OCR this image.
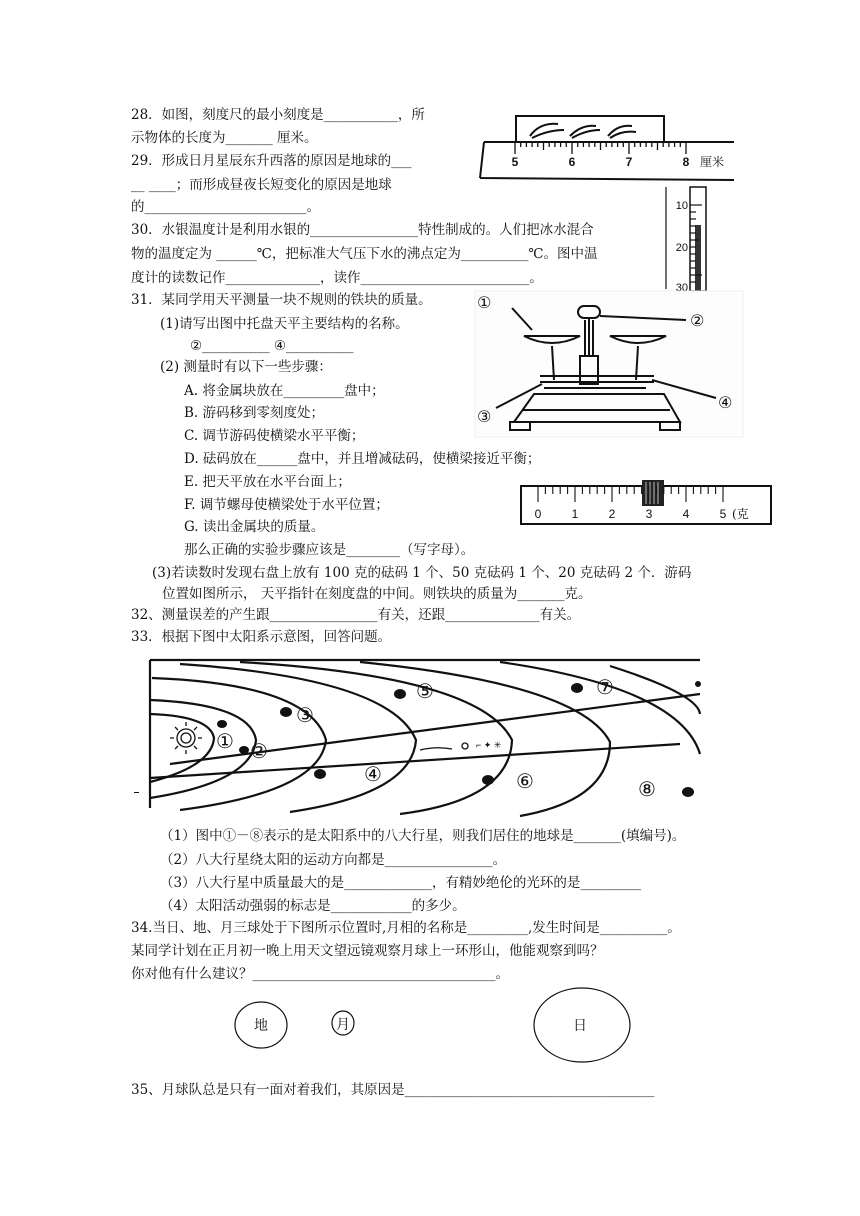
28．如图，刻度尺的最小刻度是___________，所
示物体的长度为_______ 厘米。
5	6	7	8 厘米
29．形成日月星辰东升西落的原因是地球的___
__ ____；而形成昼夜长短变化的原因是地球
的________________________。	10
20
30
30．水银温度计是利用水银的________________特性制成的。人们把冰水混合
物的温度定为 ______℃，把标准大气压下水的沸点定为__________℃。图中温
度计的读数记作______________，读作_________________________。
31．某同学用天平测量一块不规则的铁块的质量。
(1)请写出图中托盘天平主要结构的名称。
②__________ ④__________
(2) 测量时有以下一些步骤：
A. 将金属块放在_________盘中；
B. 游码移到零刻度处；
C. 调节游码使横梁水平平衡；
D. 砝码放在______盘中，并且增减砝码，使横梁接近平衡；
E. 把天平放在水平台面上；
F. 调节螺母使横梁处于水平位置；
G. 读出金属块的质量。
那么正确的实验步骤应该是________（写字母）。
(3)若读数时发现右盘上放有 100 克的砝码 1 个、50 克砝码 1 个、20 克砝码 2 个．游码
位置如图所示， 天平指针在刻度盘的中间。则铁块的质量为_______克。
①
②
③
④
0	1	2	3	4	5 (克
32、测量误差的产生跟________________有关，还跟______________有关。
33．根据下图中太阳系示意图，回答问题。
⌐ ✦ ✳
① ②
③
④
⑤
⑥
⑦
⑧
（1）图中①－⑧表示的是太阳系中的八大行星，则我们居住的地球是_______(填编号)。
（2）八大行星绕太阳的运动方向都是________________。
（3）八大行星中质量最大的是_____________，有精妙绝伦的光环的是_________
（4）太阳活动强弱的标志是____________的多少。
34.当日、地、月三球处于下图所示位置时,月相的名称是_________,发生时间是__________。
某同学计划在正月初一晚上用天文望远镜观察月球上一环形山，他能观察到吗？
你对他有什么建议？____________________________________。
地	月	日
35、月球队总是只有一面对着我们，其原因是_____________________________________
